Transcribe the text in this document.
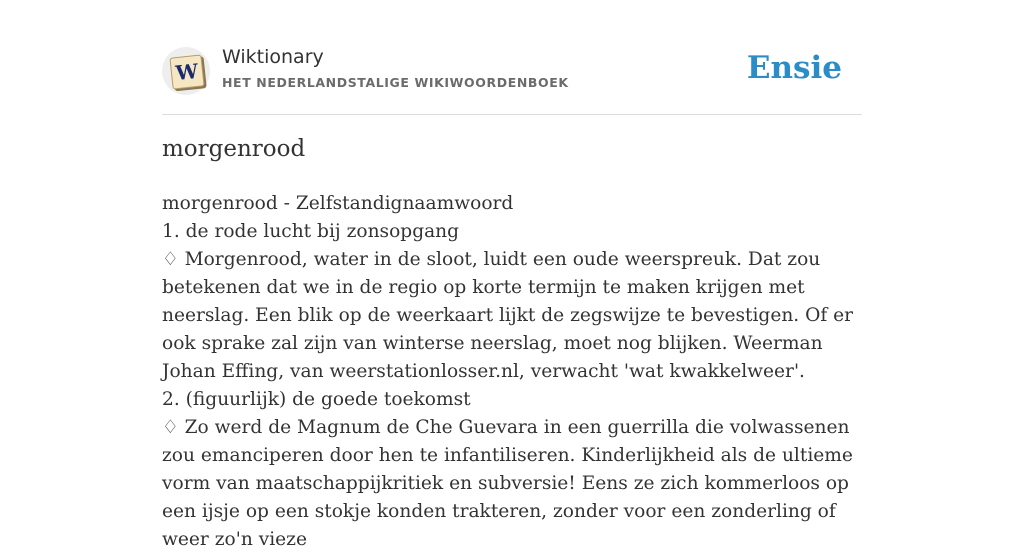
W
Wiktionary
HET NEDERLANDSTALIGE WIKIWOORDENBOEK	Ensie
morgenrood

morgenrood - Zelfstandignaamwoord

1. de rode lucht bij zonsopgang

♢ Morgenrood, water in de sloot, luidt een oude weerspreuk. Dat zou betekenen dat we in de regio op korte termijn te maken krijgen met neerslag. Een blik op de weerkaart lijkt de zegswijze te bevestigen. Of er ook sprake zal zijn van winterse neerslag, moet nog blijken. Weerman Johan Effing, van weerstationlosser.nl, verwacht 'wat kwakkelweer'.

2. (figuurlijk) de goede toekomst

♢ Zo werd de Magnum de Che Guevara in een guerrilla die volwassenen zou emanciperen door hen te infantiliseren. Kinderlijkheid als de ultieme vorm van maatschappijkritiek en subversie! Eens ze zich kommerloos op een ijsje op een stokje konden trakteren, zonder voor een zonderling of weer zo'n vieze
